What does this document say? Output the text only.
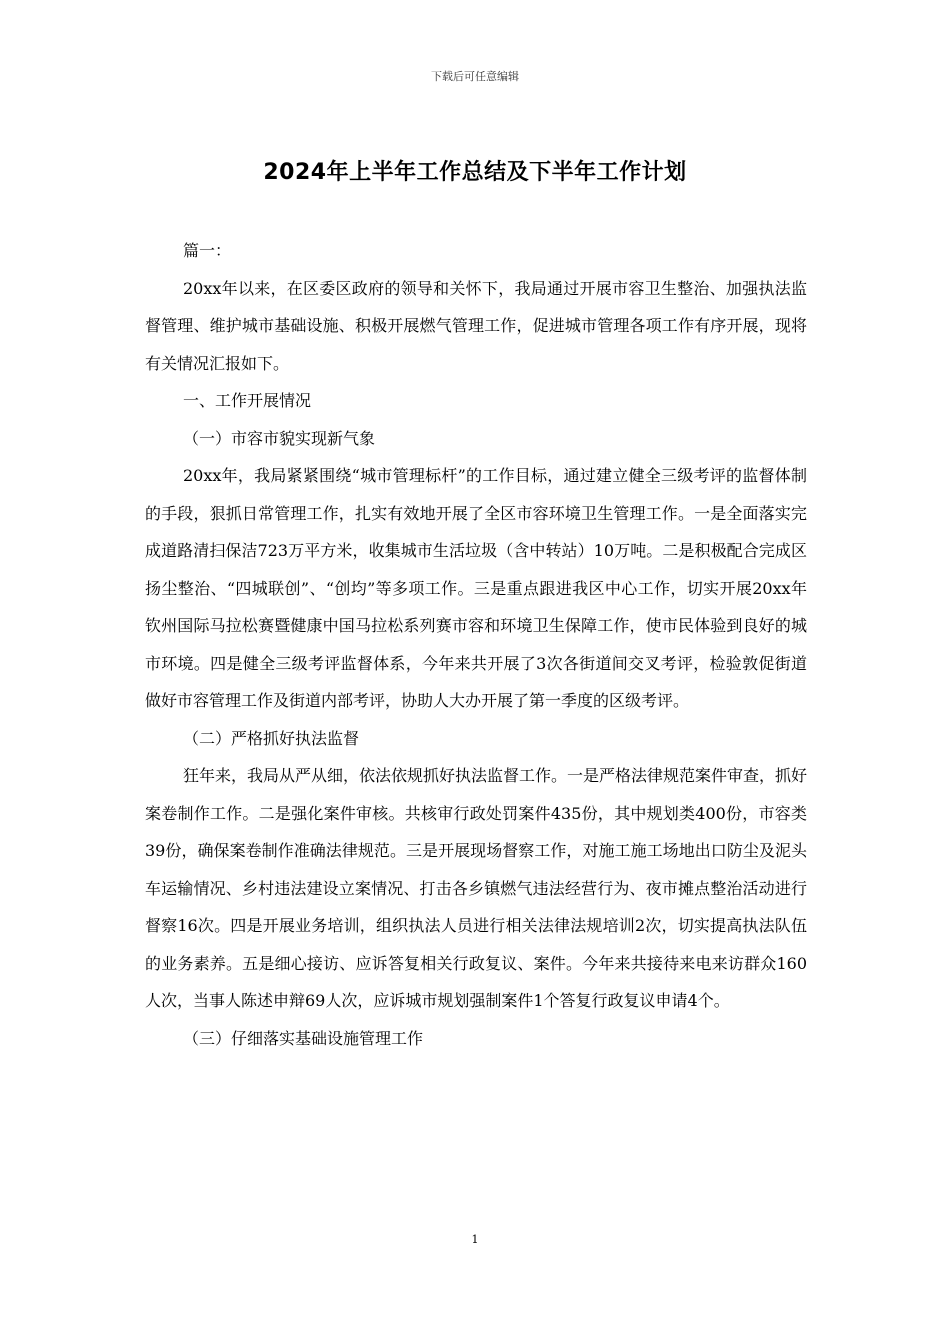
下载后可任意编辑
2024年上半年工作总结及下半年工作计划

篇一：

20xx年以来，在区委区政府的领导和关怀下，我局通过开展市容卫生整治、加强执法监督管理、维护城市基础设施、积极开展燃气管理工作，促进城市管理各项工作有序开展，现将有关情况汇报如下。

一、工作开展情况

（一）市容市貌实现新气象

20xx年，我局紧紧围绕“城市管理标杆”的工作目标，通过建立健全三级考评的监督体制的手段，狠抓日常管理工作，扎实有效地开展了全区市容环境卫生管理工作。一是全面落实完成道路清扫保洁723万平方米，收集城市生活垃圾（含中转站）10万吨。二是积极配合完成区扬尘整治、“四城联创”、“创均”等多项工作。三是重点跟进我区中心工作，切实开展20xx年钦州国际马拉松赛暨健康中国马拉松系列赛市容和环境卫生保障工作，使市民体验到良好的城市环境。四是健全三级考评监督体系，今年来共开展了3次各街道间交叉考评，检验敦促街道做好市容管理工作及街道内部考评，协助人大办开展了第一季度的区级考评。

（二）严格抓好执法监督

狂年来，我局从严从细，依法依规抓好执法监督工作。一是严格法律规范案件审查，抓好案卷制作工作。二是强化案件审核。共核审行政处罚案件435份，其中规划类400份，市容类39份，确保案卷制作准确法律规范。三是开展现场督察工作，对施工施工场地出口防尘及泥头车运输情况、乡村违法建设立案情况、打击各乡镇燃气违法经营行为、夜市摊点整治活动进行督察16次。四是开展业务培训，组织执法人员进行相关法律法规培训2次，切实提高执法队伍的业务素养。五是细心接访、应诉答复相关行政复议、案件。今年来共接待来电来访群众160人次，当事人陈述申辩69人次，应诉城市规划强制案件1个答复行政复议申请4个。

（三）仔细落实基础设施管理工作

1
